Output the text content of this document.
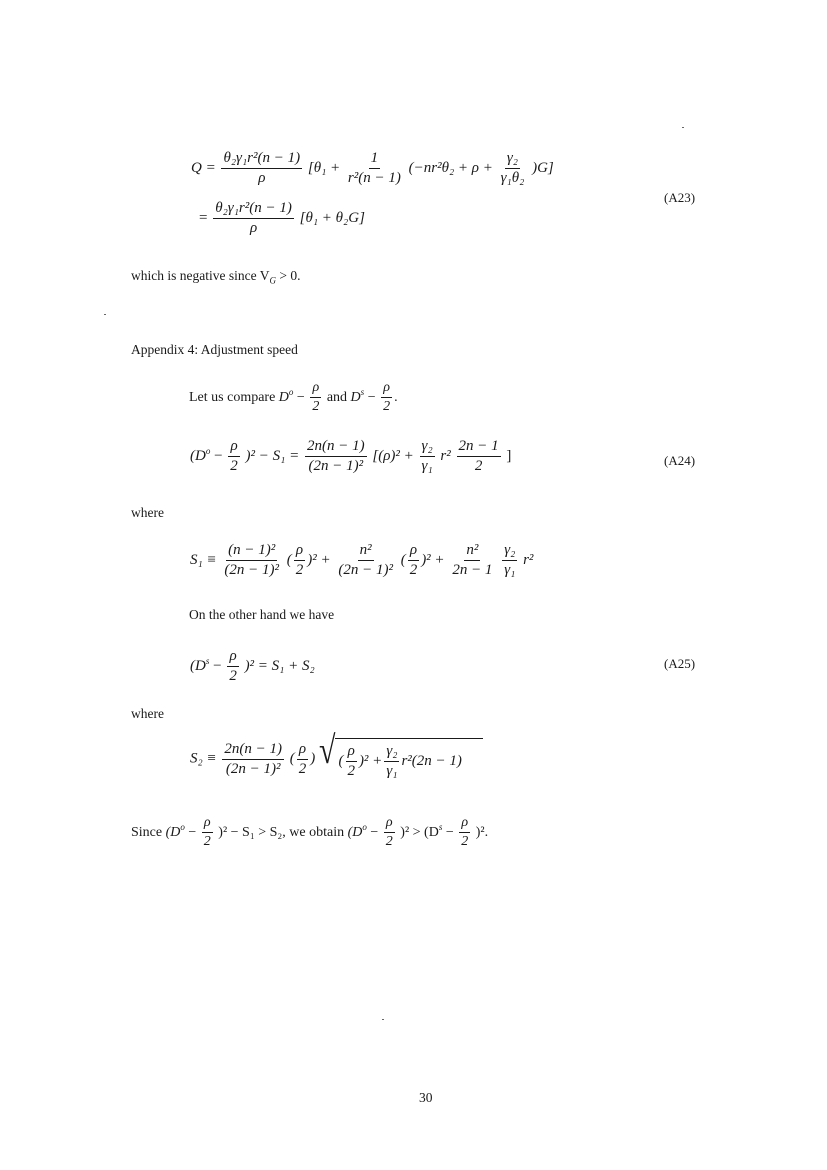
$Q = \frac{\text{θ₂γ₁r²(n − 1)}}{\rho} [\theta_1 + \frac{1}{\text{r²(n − 1)}} (-nr^2\theta_2 + \rho + \frac{\text{γ₂}}{\text{γ₁θ₂}} )G]$
= $\frac{\text{θ₂γ₁r²(n − 1)}}{\rho} [\theta_1 + \theta_2G]$
(A23)
which is negative since $V_G > 0$.
Appendix 4: Adjustment speed
Let us compare $D^o - \frac{\rho}{2}$ and $D^s - \frac{\rho}{2}$ .
$(D^o - \frac{\rho}{2} )^2 - S_1 = \frac{2n(n - 1)}{\text{(2n − 1)²}} [(\rho)^2 + \frac{\text{γ₂}}{\text{γ₁}} r^2 \frac{2n - 1}{2}$ ]	(A24)
where
$S_1 \equiv \frac{\text{(n − 1)²}}{\text{(2n − 1)²}}$ ( $\frac{\rho}{2} )^2 + \frac{\text{n²}}{\text{(2n − 1)²}}$ ( $\frac{\rho}{2} )^2 + \frac{\text{n²}}{2n - 1}$
$\frac{\text{γ₂}}{\text{γ₁}} r^2$
On the other hand we have
$(D^s - \frac{\rho}{2} )^2 = S_1 + S_2$	(A25)
where
$S_2 \equiv \frac{2n(n - 1)}{\text{(2n − 1)²}}$ ( $\frac{\rho}{2}$ ) √ ( $\frac{\rho}{2} )^2 + \frac{\text{γ₂}}{\text{γ₁}} r^2(2n - 1)$
Since $(D^o - \frac{\rho}{2} )^2 - S_1 > S_2$, we obtain $(D^o - \frac{\rho}{2} )^2 > (D^s - \frac{\rho}{2} )^2$.
30
